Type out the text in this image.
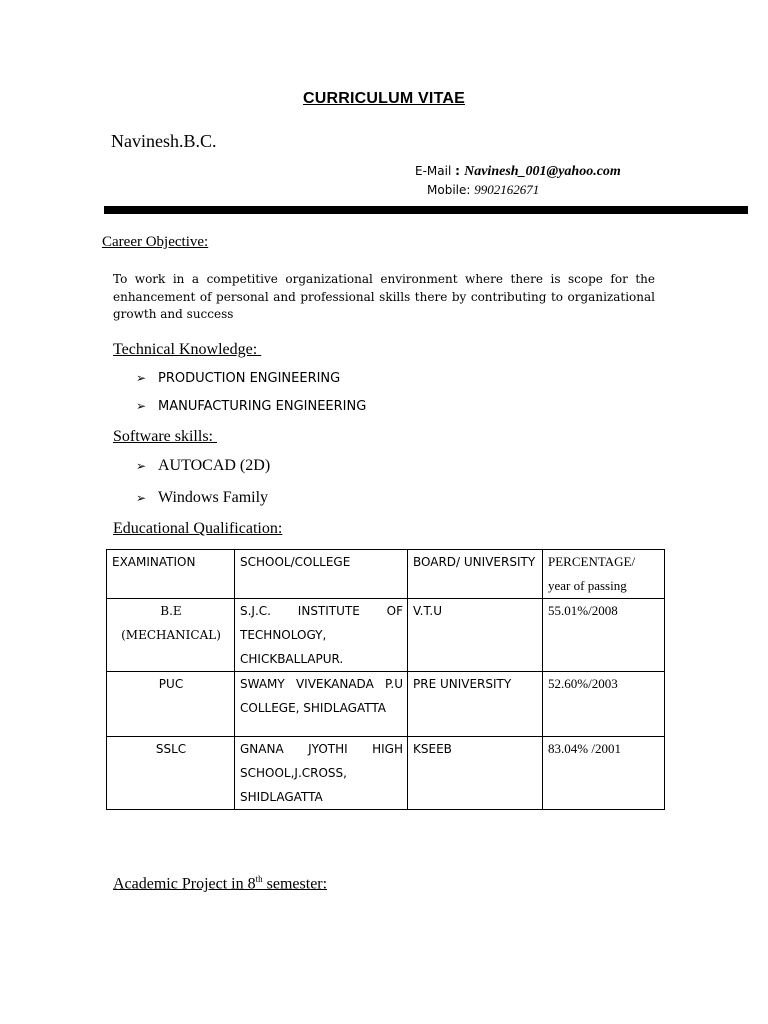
CURRICULUM VITAE
Navinesh.B.C.
E-Mail : Navinesh_001@yahoo.com
Mobile: 9902162671
Career Objective:
To work in a competitive organizational environment where there is scope for the enhancement of personal and professional skills there by contributing to organizational growth and success
Technical Knowledge:
➢ PRODUCTION ENGINEERING
➢ MANUFACTURING ENGINEERING
Software skills:
➢ AUTOCAD (2D)
➢ Windows Family
Educational Qualification:
EXAMINATION	SCHOOL/COLLEGE	BOARD/ UNIVERSITY	PERCENTAGE/ year of passing

B.E
(MECHANICAL)	S.J.C. INSTITUTE OF TECHNOLOGY, CHICKBALLAPUR.	V.T.U	55.01%/2008

PUC	SWAMY VIVEKANADA P.U COLLEGE, SHIDLAGATTA	PRE UNIVERSITY	52.60%/2003

SSLC	GNANA JYOTHI HIGH SCHOOL,J.CROSS, SHIDLAGATTA	KSEEB	83.04% /2001
Academic Project in 8th semester:
